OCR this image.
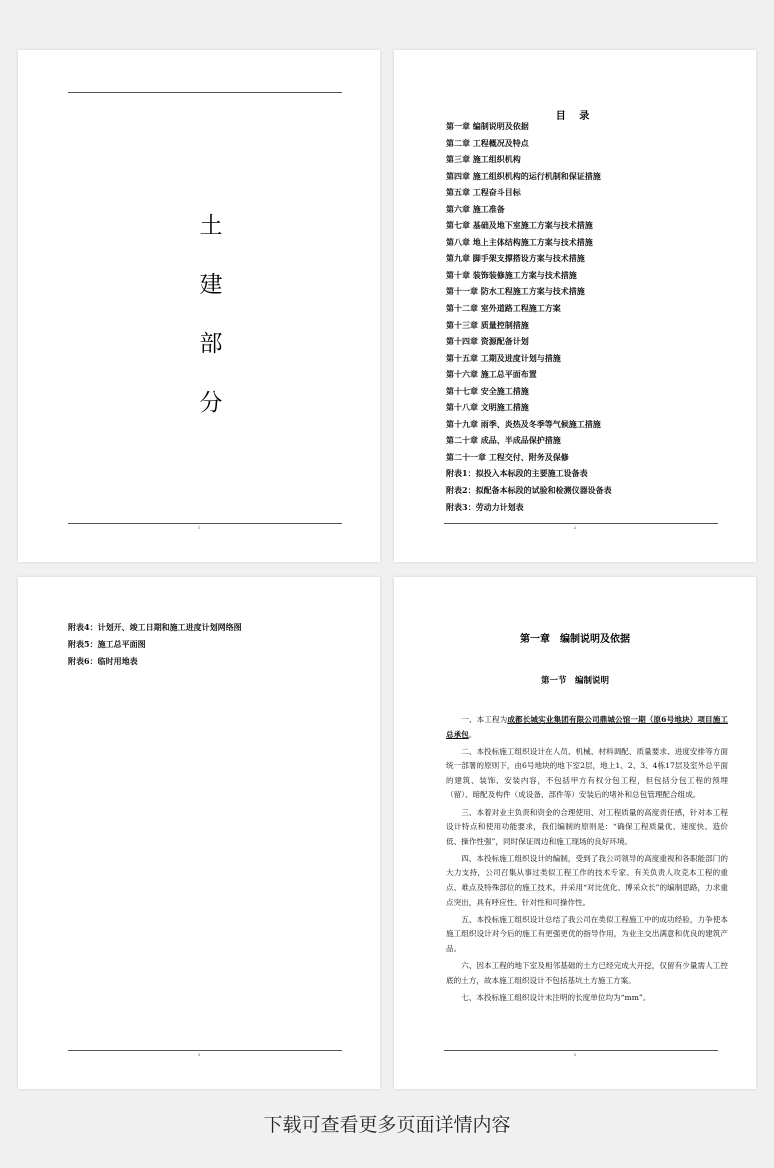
土
建
部
分
1
目 录
第一章 编制说明及依据
第二章 工程概况及特点
第三章 施工组织机构
第四章 施工组织机构的运行机制和保证措施
第五章 工程奋斗目标
第六章 施工准备
第七章 基础及地下室施工方案与技术措施
第八章 地上主体结构施工方案与技术措施
第九章 脚手架支撑搭设方案与技术措施
第十章 装饰装修施工方案与技术措施
第十一章 防水工程施工方案与技术措施
第十二章 室外道路工程施工方案
第十三章 质量控制措施
第十四章 资源配备计划
第十五章 工期及进度计划与措施
第十六章 施工总平面布置
第十七章 安全施工措施
第十八章 文明施工措施
第十九章 雨季、炎热及冬季等气候施工措施
第二十章 成品、半成品保护措施
第二十一章 工程交付、附务及保修
附表1：拟投入本标段的主要施工设备表
附表2：拟配备本标段的试验和检测仪器设备表
附表3：劳动力计划表
2
附表4：计划开、竣工日期和施工进度计划网络图
附表5：施工总平面图
附表6：临时用地表
3
第一章　编制说明及依据
第一节　编制说明

一、本工程为成都长城实业集团有限公司鼎城公馆一期（原6号地块）项目施工总承包。

二、本投标施工组织设计在人员、机械、材料调配、质量要求、进度安排等方面统一部署的原则下，由6号地块的地下室2层，地上1、2、3、4栋17层及室外总平面的建筑、装饰、安装内容，不包括甲方有权分包工程，但包括分包工程的预埋（留）、暗配及构件（成设备、部件等）安装后的堵补和总包管理配合组成。

三、本着对业主负责和资金的合理使用、对工程质量的高度责任感，针对本工程设计特点和使用功能要求，我们编制的原则是：“确保工程质量优、速度快、造价低、操作性强”，同时保证周边和施工现场的良好环境。

四、本投标施工组织设计的编制，受到了我公司领导的高度重视和各职能部门的大力支持，公司召集从事过类似工程工作的技术专家、有关负责人攻克本工程的重点、难点及特殊部位的施工技术，并采用“对比优化、博采众长”的编制思路，力求重点突出，具有呼应性、针对性和可操作性。

五、本投标施工组织设计总结了我公司在类似工程施工中的成功经验，力争使本施工组织设计对今后的施工有更强更优的指导作用，为业主交出满意和优良的建筑产品。

六、因本工程的地下室及相邻基础的土方已经完成大开挖，仅留有少量需人工控底的土方，故本施工组织设计不包括基坑土方施工方案。

七、本投标施工组织设计未注明的长度单位均为“mm”。

5
下载可查看更多页面详情内容
